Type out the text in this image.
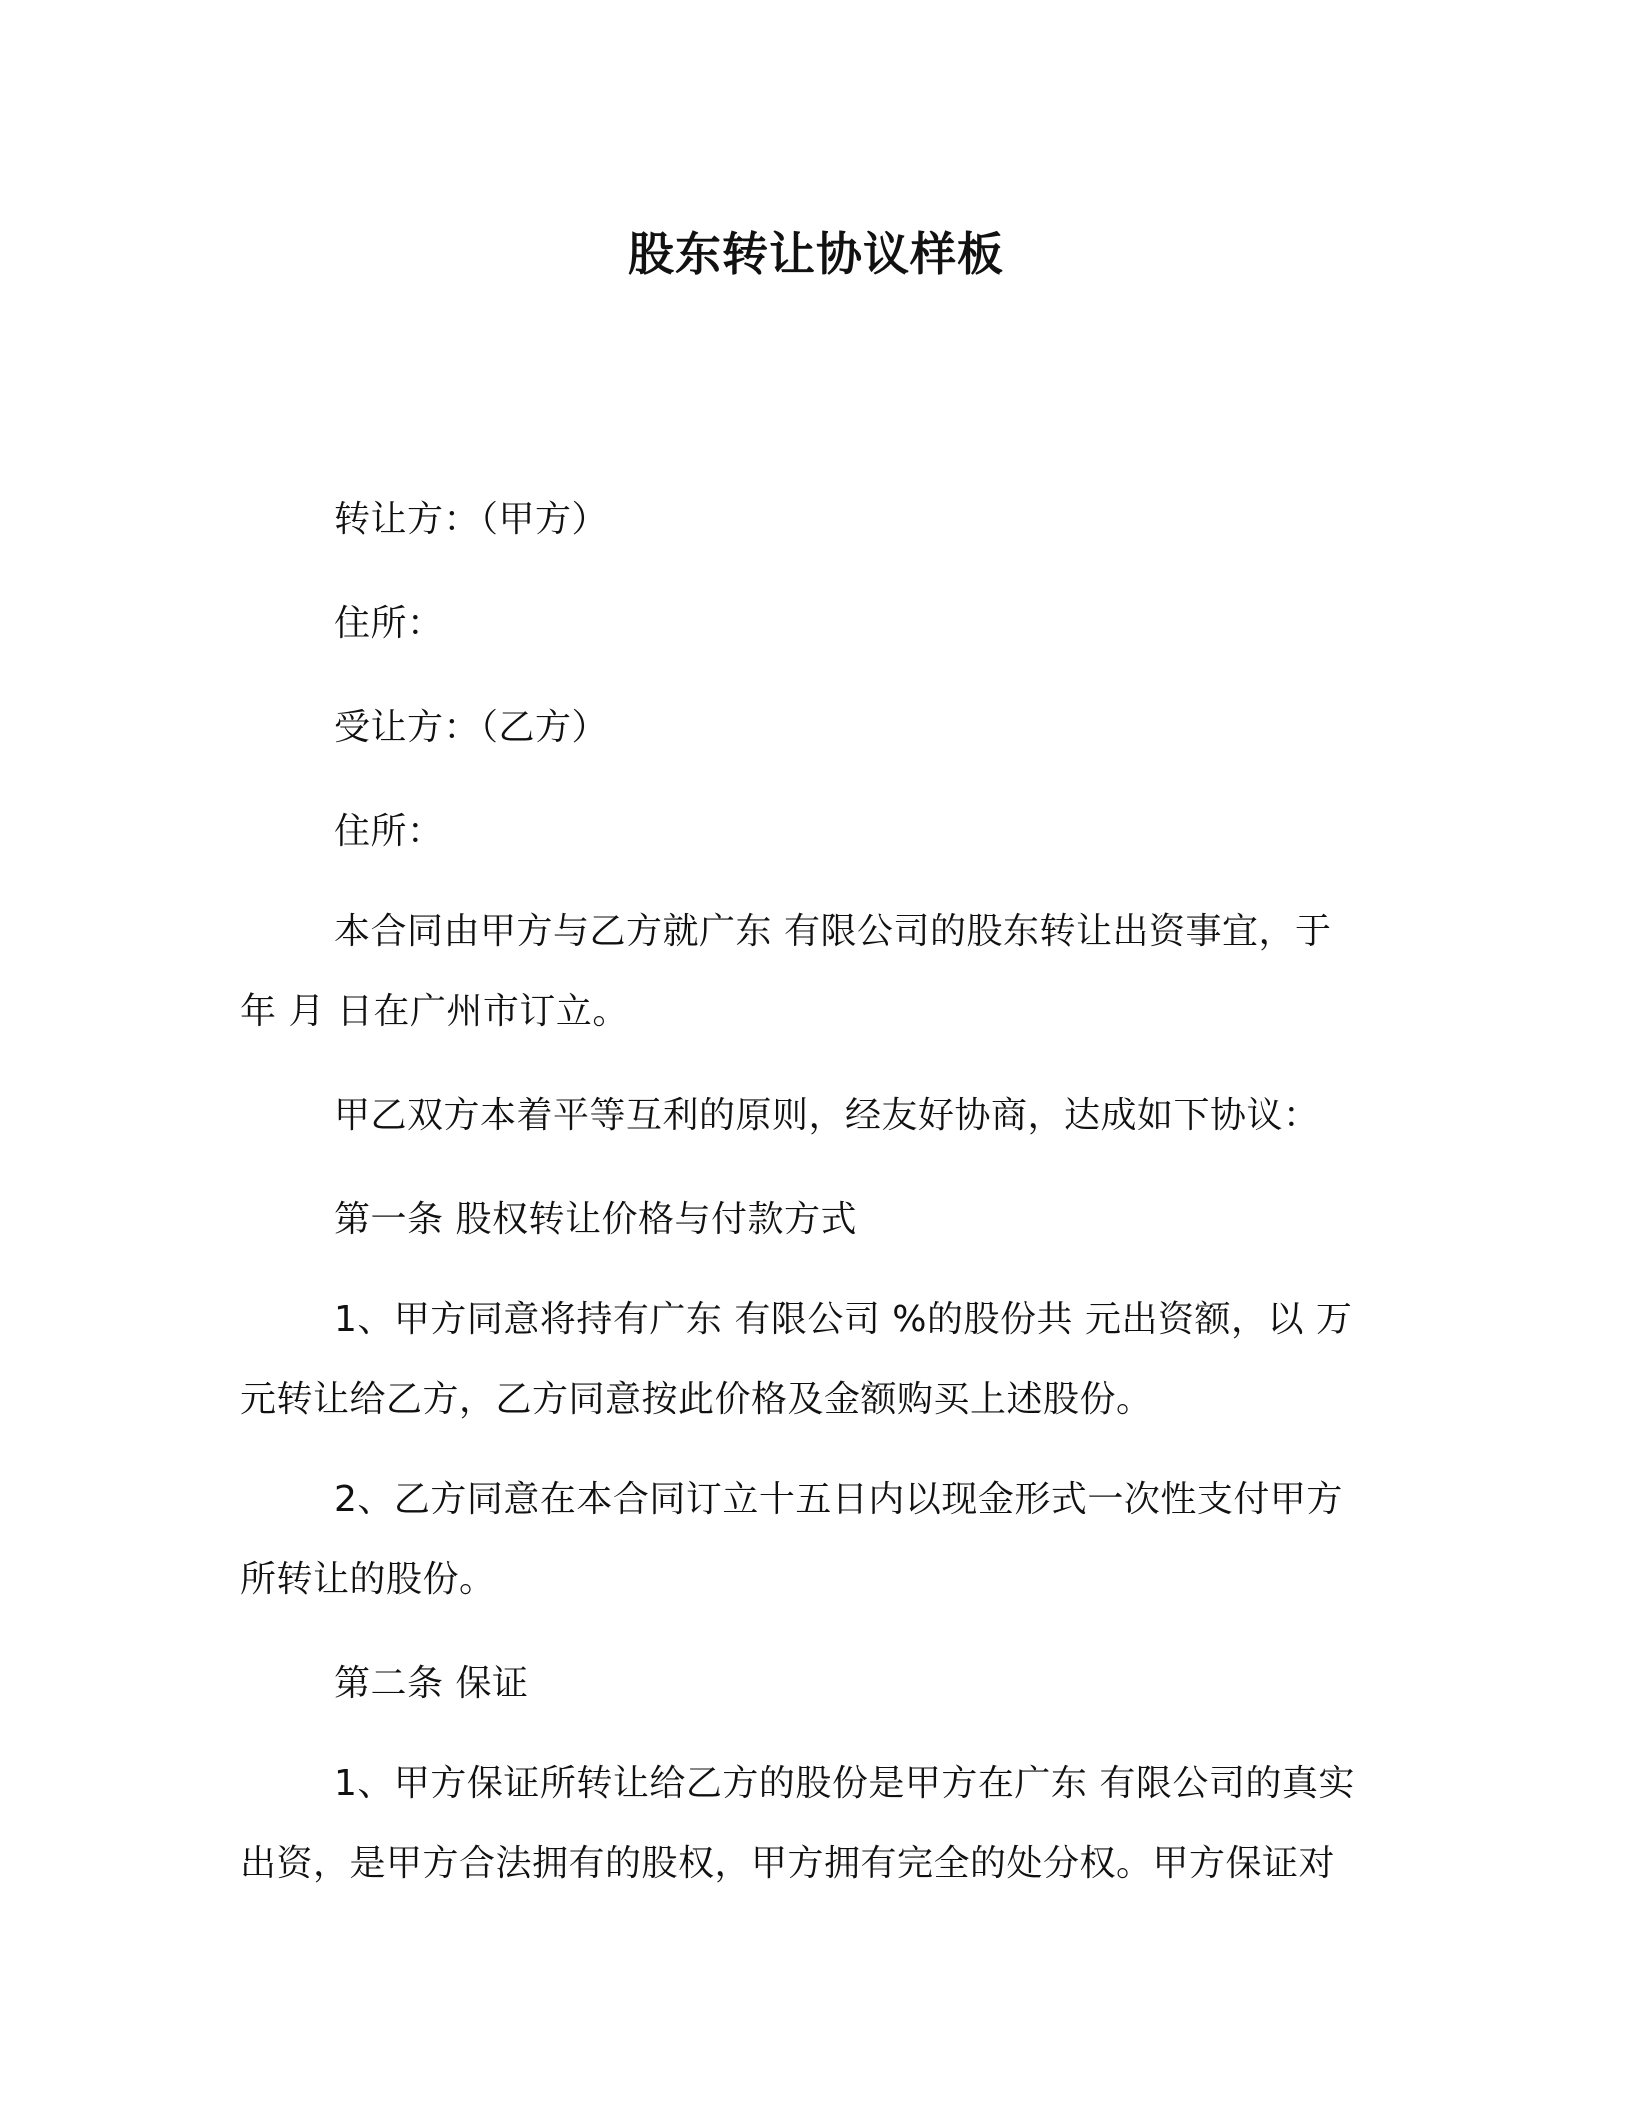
股东转让协议样板

转让方：（甲方）

住所：

受让方：（乙方）

住所：

本合同由甲方与乙方就广东 有限公司的股东转让出资事宜，于

年 月 日在广州市订立。

甲乙双方本着平等互利的原则，经友好协商，达成如下协议：

第一条 股权转让价格与付款方式

1、甲方同意将持有广东 有限公司 %的股份共 元出资额，以 万

元转让给乙方，乙方同意按此价格及金额购买上述股份。

2、乙方同意在本合同订立十五日内以现金形式一次性支付甲方

所转让的股份。

第二条 保证

1、甲方保证所转让给乙方的股份是甲方在广东 有限公司的真实

出资，是甲方合法拥有的股权，甲方拥有完全的处分权。甲方保证对
